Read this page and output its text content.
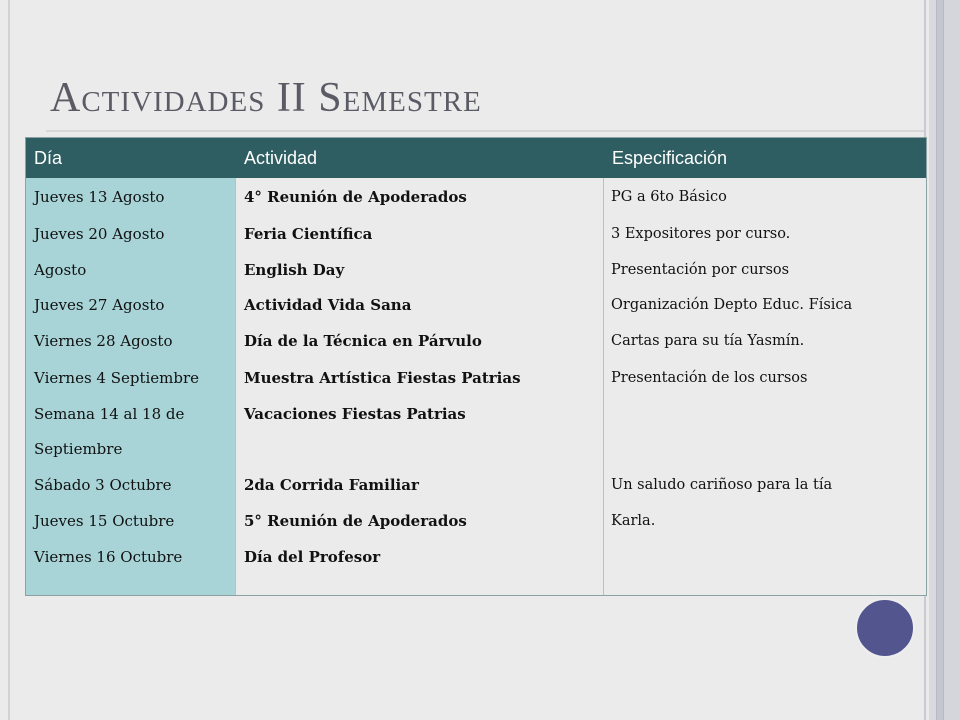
Actividades II Semestre
Día	Actividad	Especificación
Jueves 13 Agosto
Jueves 20 Agosto
Agosto
Jueves 27 Agosto
Viernes 28 Agosto
Viernes 4 Septiembre
Semana 14 al 18 de
Septiembre
Sábado 3 Octubre
Jueves 15 Octubre
Viernes 16 Octubre
4° Reunión de Apoderados
Feria Científica
English Day
Actividad Vida Sana
Día de la Técnica en Párvulo
Muestra Artística Fiestas Patrias
Vacaciones Fiestas Patrias
2da Corrida Familiar
5° Reunión de Apoderados
Día del Profesor
PG a 6to Básico
3 Expositores por curso.
Presentación por cursos
Organización Depto Educ. Física
Cartas para su tía Yasmín.
Presentación de los cursos
Un saludo cariñoso para la tía
Karla.
